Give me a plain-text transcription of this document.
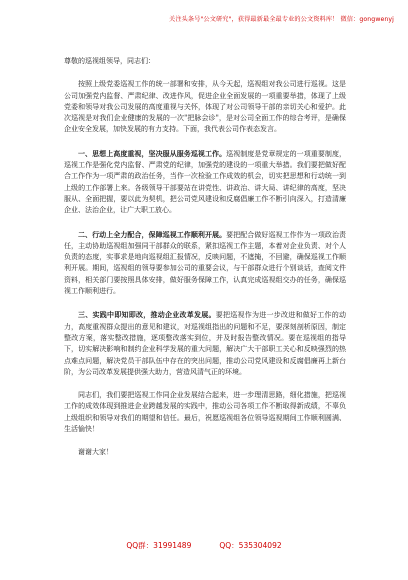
关注头条号"公文研究"，获得最新最全最专业的公文资料库！ 微信：gongwenyj

尊敬的巡视组领导，同志们：

按照上级党委巡视工作的统一部署和安排，从今天起，巡视组对我公司进行巡视。这是公司加强党内监督、严肃纪律、改进作风，促进企业全面发展的一项重要举措，体现了上级党委和领导对我公司发展的高度重视与关怀，体现了对公司领导干部的亲切关心和爱护。此次巡视是对我们企业健康的发展的一次"把脉会诊"，是对公司全面工作的综合考评，是确保企业安全发展，加快发展的有力支持。下面，我代表公司作表态发言。

一、思想上高度重视，坚决服从服务巡视工作。巡视制度是党章规定的一项重要制度，巡视工作是强化党内监督、严肃党的纪律，加强党的建设的一项重大举措。我们要把做好配合工作作为一项严肃的政治任务，当作一次检验工作成效的机会，切实把思想和行动统一到上级的工作部署上来。各级领导干部要站在讲党性、讲政治、讲大局、讲纪律的高度，坚决服从、全面把握，要以此为契机，把公司党风建设和反腐倡廉工作不断引向深入，打造清廉企业、法治企业，让广大职工放心。

二、行动上全力配合，保障巡视工作顺利开展。要把配合做好巡视工作作为一项政治责任，主动协助巡视组加强同干部群众的联系，紧扣巡视工作主题，本着对企业负责、对个人负责的态度，实事求是地向巡视组汇报情况，反映问题，不遮掩，不回避，确保巡视工作顺利开展。期间，巡视组的领导要参加公司的重要会议，与干部群众进行个别谈话，查阅文件资料，相关部门要按照具体安排，做好服务保障工作，认真完成巡视组交办的任务，确保巡视工作顺利进行。

三、实践中即知即改，推动企业改革发展。要把巡视作为进一步改进和做好工作的动力，高度重视群众提出的意见和建议，对巡视组指出的问题和不足，要深刻剖析原因，制定整改方案，落实整改措施，逐项整改落实到位，并及时报告整改情况。要在巡视组的指导下，切实解决影响和制约企业科学发展的重大问题，解决广大干部职工关心和反映强烈的热点难点问题，解决党员干部队伍中存在的突出问题，推动公司党风建设和反腐倡廉再上新台阶，为公司改革发展提供强大助力，营造风清气正的环境。

同志们，我们要把巡视工作同企业发展结合起来，进一步理清思路，细化措施，把巡视工作的成效体现到推进企业跨越发展的实践中，推动公司各项工作不断取得新成绩，不辜负上级组织和领导对我们的期望和信任。最后，祝愿巡视组各位领导巡视期间工作顺利圆满、生活愉快！

谢谢大家！

QQ群：31991489	QQ：535304092
